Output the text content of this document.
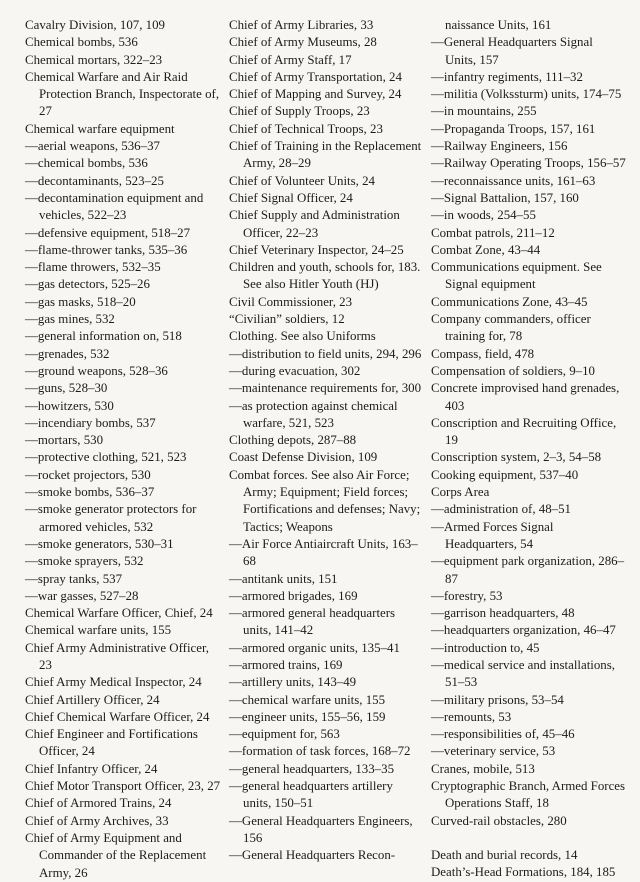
Cavalry Division, 107, 109
Chemical bombs, 536
Chemical mortars, 322–23
Chemical Warfare and Air Raid Protection Branch, Inspectorate of, 27
Chemical warfare equipment
—aerial weapons, 536–37
—chemical bombs, 536
—decontaminants, 523–25
—decontamination equipment and vehicles, 522–23
—defensive equipment, 518–27
—flame-thrower tanks, 535–36
—flame throwers, 532–35
—gas detectors, 525–26
—gas masks, 518–20
—gas mines, 532
—general information on, 518
—grenades, 532
—ground weapons, 528–36
—guns, 528–30
—howitzers, 530
—incendiary bombs, 537
—mortars, 530
—protective clothing, 521, 523
—rocket projectors, 530
—smoke bombs, 536–37
—smoke generator protectors for armored vehicles, 532
—smoke generators, 530–31
—smoke sprayers, 532
—spray tanks, 537
—war gasses, 527–28
Chemical Warfare Officer, Chief, 24
Chemical warfare units, 155
Chief Army Administrative Officer, 23
Chief Army Medical Inspector, 24
Chief Artillery Officer, 24
Chief Chemical Warfare Officer, 24
Chief Engineer and Fortifications Officer, 24
Chief Infantry Officer, 24
Chief Motor Transport Officer, 23, 27
Chief of Armored Trains, 24
Chief of Army Archives, 33
Chief of Army Equipment and Commander of the Replacement Army, 26
Chief of Army Libraries, 33
Chief of Army Museums, 28
Chief of Army Staff, 17
Chief of Army Transportation, 24
Chief of Mapping and Survey, 24
Chief of Supply Troops, 23
Chief of Technical Troops, 23
Chief of Training in the Replacement Army, 28–29
Chief of Volunteer Units, 24
Chief Signal Officer, 24
Chief Supply and Administration Officer, 22–23
Chief Veterinary Inspector, 24–25
Children and youth, schools for, 183. See also Hitler Youth (HJ)
Civil Commissioner, 23
“Civilian” soldiers, 12
Clothing. See also Uniforms
—distribution to field units, 294, 296
—during evacuation, 302
—maintenance requirements for, 300
—as protection against chemical warfare, 521, 523
Clothing depots, 287–88
Coast Defense Division, 109
Combat forces. See also Air Force; Army; Equipment; Field forces; Fortifications and defenses; Navy; Tactics; Weapons
—Air Force Antiaircraft Units, 163–68
—antitank units, 151
—armored brigades, 169
—armored general headquarters units, 141–42
—armored organic units, 135–41
—armored trains, 169
—artillery units, 143–49
—chemical warfare units, 155
—engineer units, 155–56, 159
—equipment for, 563
—formation of task forces, 168–72
—general headquarters, 133–35
—general headquarters artillery units, 150–51
—General Headquarters Engineers, 156
—General Headquarters Recon-
naissance Units, 161
—General Headquarters Signal Units, 157
—infantry regiments, 111–32
—militia (Volkssturm) units, 174–75
—in mountains, 255
—Propaganda Troops, 157, 161
—Railway Engineers, 156
—Railway Operating Troops, 156–57
—reconnaissance units, 161–63
—Signal Battalion, 157, 160
—in woods, 254–55
Combat patrols, 211–12
Combat Zone, 43–44
Communications equipment. See Signal equipment
Communications Zone, 43–45
Company commanders, officer training for, 78
Compass, field, 478
Compensation of soldiers, 9–10
Concrete improvised hand grenades, 403
Conscription and Recruiting Office, 19
Conscription system, 2–3, 54–58
Cooking equipment, 537–40
Corps Area
—administration of, 48–51
—Armed Forces Signal Headquarters, 54
—equipment park organization, 286–87
—forestry, 53
—garrison headquarters, 48
—headquarters organization, 46–47
—introduction to, 45
—medical service and installations, 51–53
—military prisons, 53–54
—remounts, 53
—responsibilities of, 45–46
—veterinary service, 53
Cranes, mobile, 513
Cryptographic Branch, Armed Forces Operations Staff, 18
Curved-rail obstacles, 280
Death and burial records, 14
Death’s-Head Formations, 184, 185
